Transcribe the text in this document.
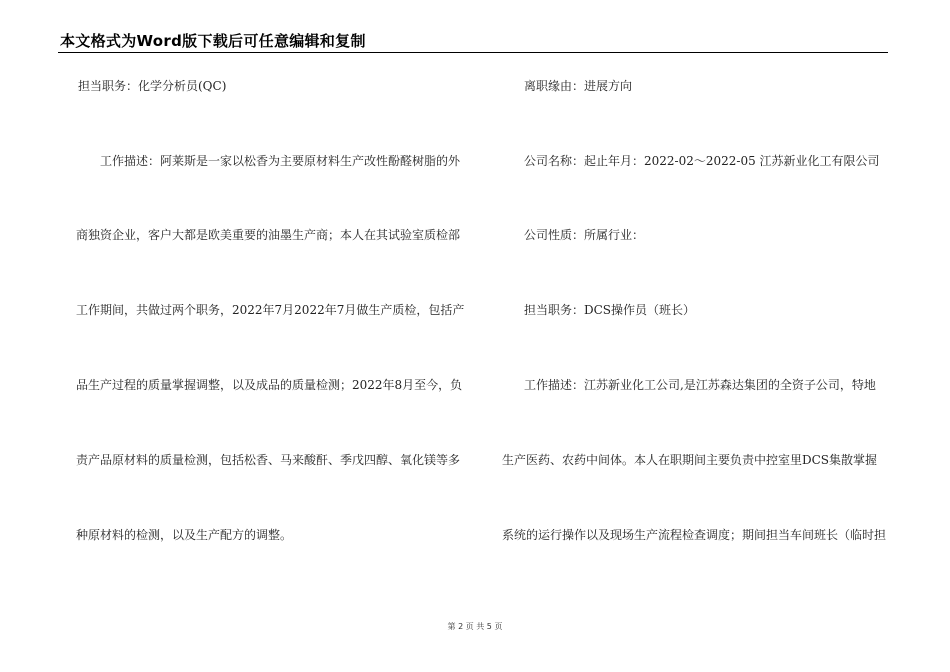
本文格式为Word版下载后可任意编辑和复制
担当职务：化学分析员(QC)
工作描述：阿莱斯是一家以松香为主要原材料生产改性酚醛树脂的外
商独资企业，客户大都是欧美重要的油墨生产商；本人在其试验室质检部
工作期间，共做过两个职务，2022年7月2022年7月做生产质检，包括产
品生产过程的质量掌握调整，以及成品的质量检测；2022年8月至今，负
责产品原材料的质量检测，包括松香、马来酸酐、季戊四醇、氧化镁等多
种原材料的检测，以及生产配方的调整。
离职缘由：进展方向
公司名称：起止年月：2022-02～2022-05 江苏新业化工有限公司
公司性质：所属行业：
担当职务：DCS操作员（班长）
工作描述：江苏新业化工公司,是江苏森达集团的全资子公司，特地
生产医药、农药中间体。本人在职期间主要负责中控室里DCS集散掌握
系统的运行操作以及现场生产流程检查调度；期间担当车间班长（临时担
第 2 页 共 5 页
